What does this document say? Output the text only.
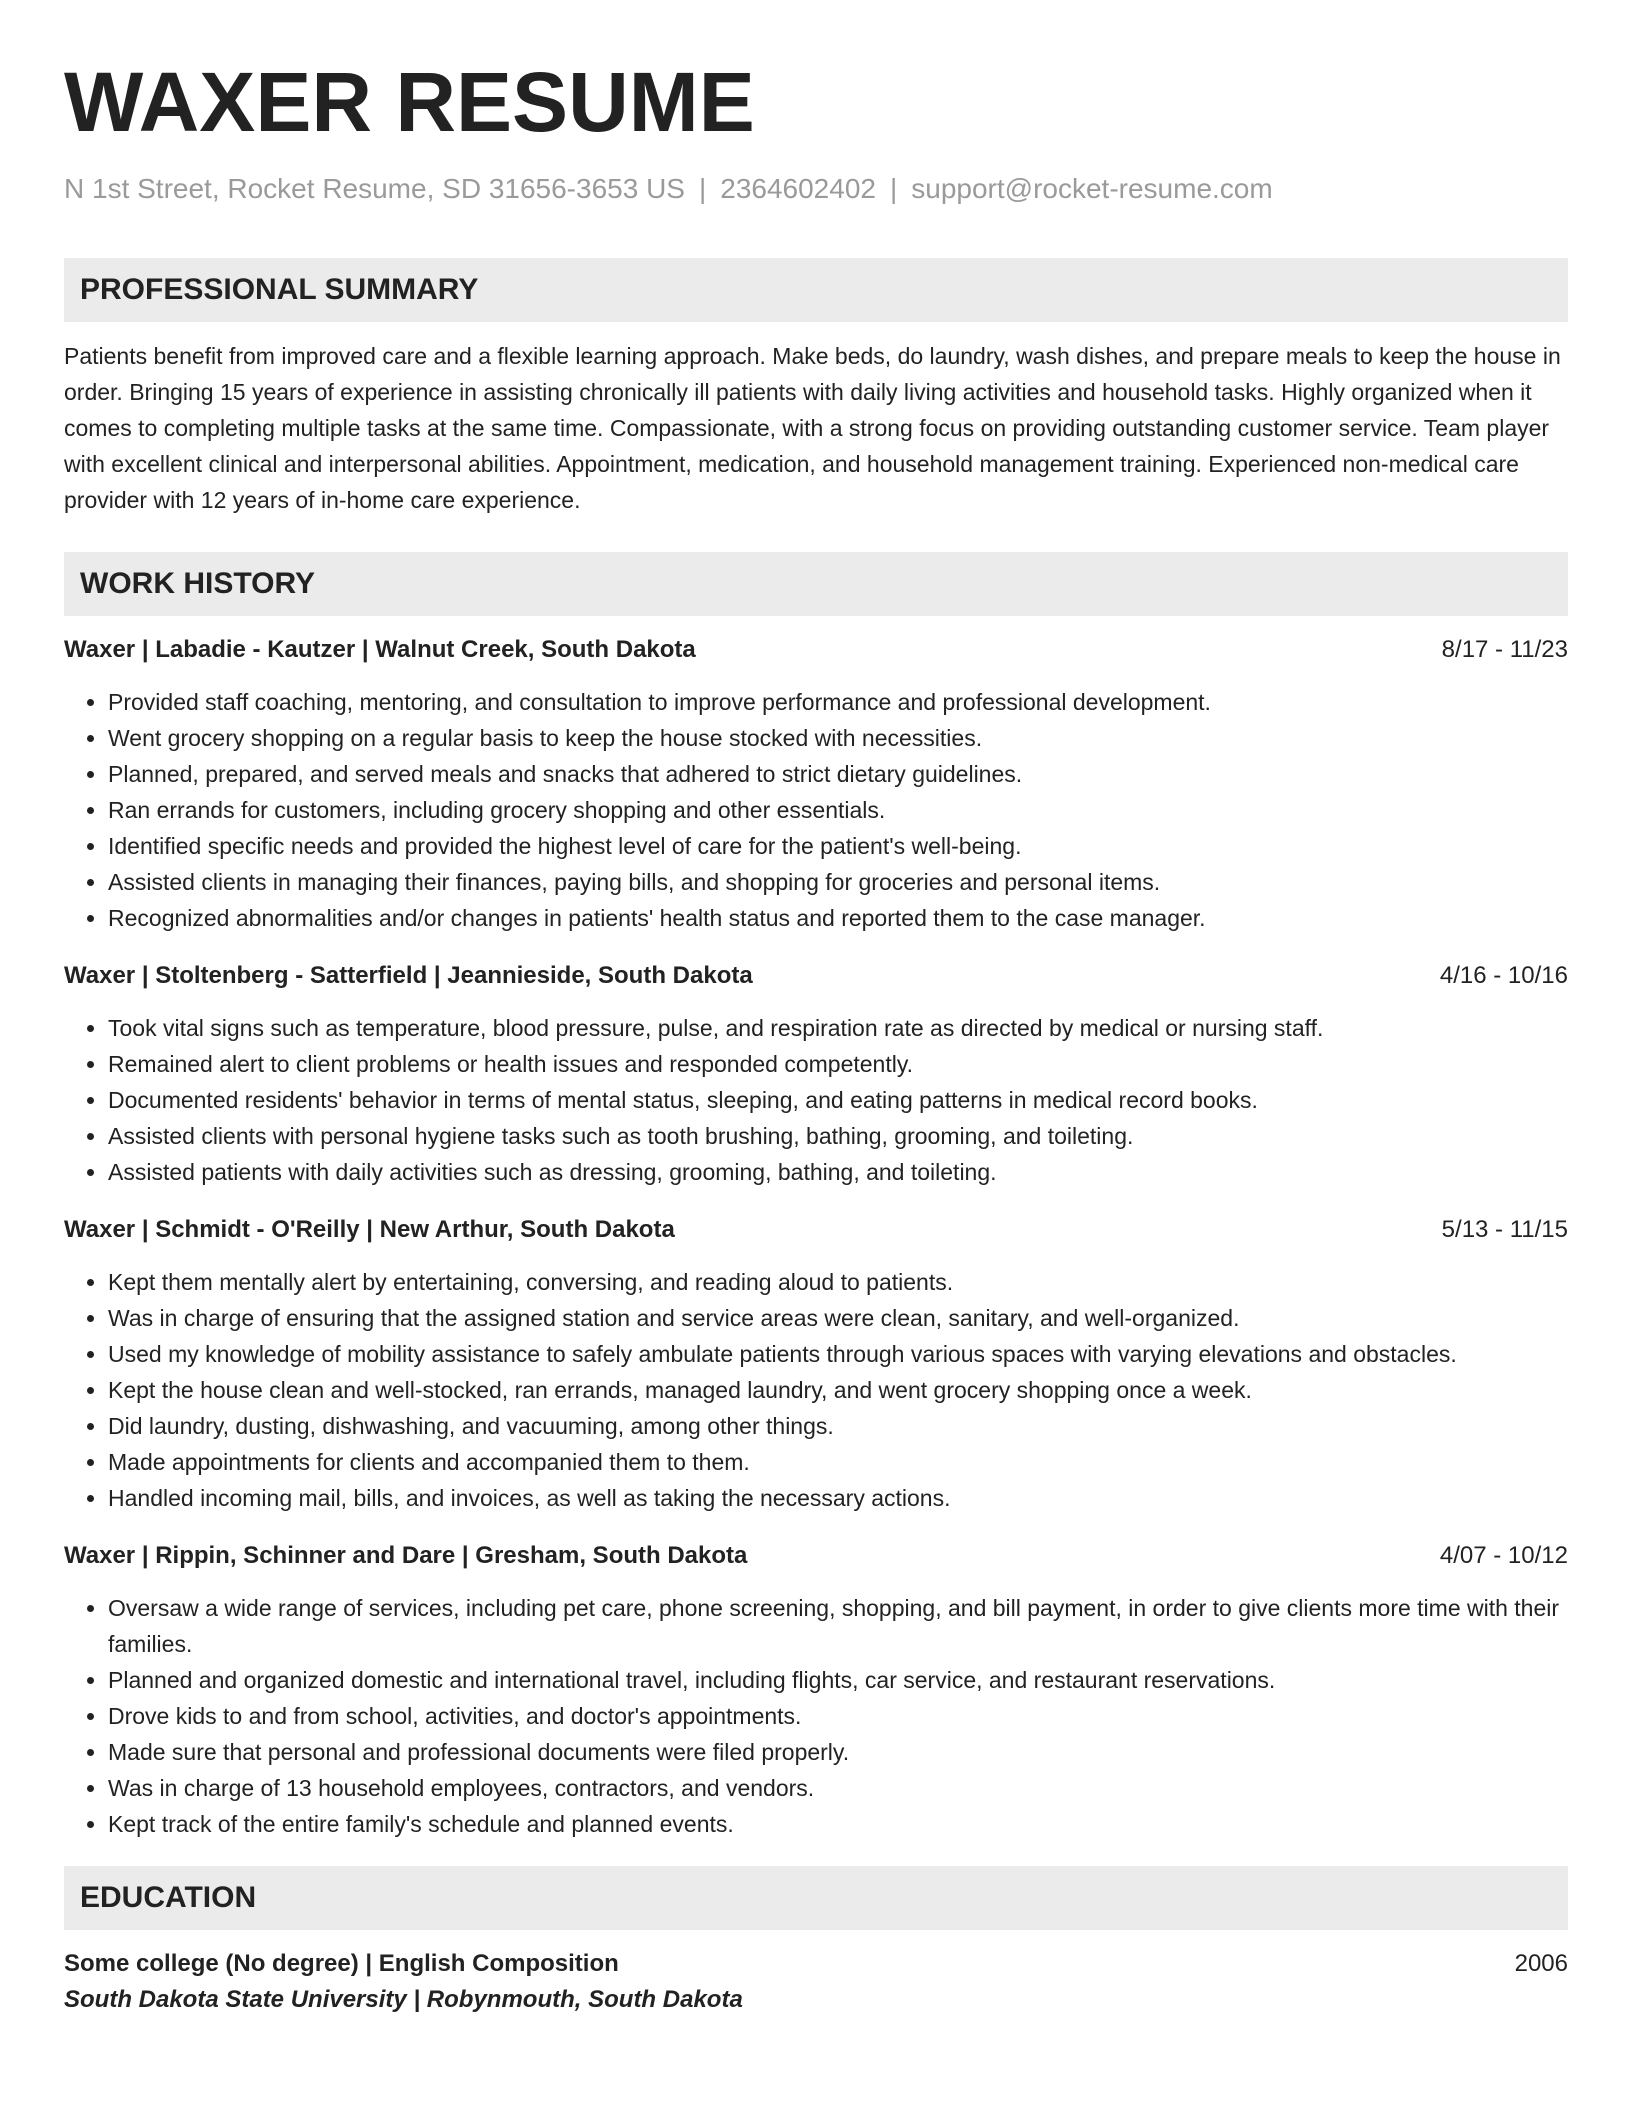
WAXER RESUME
N 1st Street, Rocket Resume, SD 31656-3653 US | 2364602402 | support@rocket-resume.com
PROFESSIONAL SUMMARY
Patients benefit from improved care and a flexible learning approach. Make beds, do laundry, wash dishes, and prepare meals to keep the house in order. Bringing 15 years of experience in assisting chronically ill patients with daily living activities and household tasks. Highly organized when it comes to completing multiple tasks at the same time. Compassionate, with a strong focus on providing outstanding customer service. Team player with excellent clinical and interpersonal abilities. Appointment, medication, and household management training. Experienced non-medical care provider with 12 years of in-home care experience.
WORK HISTORY
Waxer | Labadie - Kautzer | Walnut Creek, South Dakota	8/17 - 11/23
• Provided staff coaching, mentoring, and consultation to improve performance and professional development.
• Went grocery shopping on a regular basis to keep the house stocked with necessities.
• Planned, prepared, and served meals and snacks that adhered to strict dietary guidelines.
• Ran errands for customers, including grocery shopping and other essentials.
• Identified specific needs and provided the highest level of care for the patient's well-being.
• Assisted clients in managing their finances, paying bills, and shopping for groceries and personal items.
• Recognized abnormalities and/or changes in patients' health status and reported them to the case manager.
Waxer | Stoltenberg - Satterfield | Jeannieside, South Dakota	4/16 - 10/16
• Took vital signs such as temperature, blood pressure, pulse, and respiration rate as directed by medical or nursing staff.
• Remained alert to client problems or health issues and responded competently.
• Documented residents' behavior in terms of mental status, sleeping, and eating patterns in medical record books.
• Assisted clients with personal hygiene tasks such as tooth brushing, bathing, grooming, and toileting.
• Assisted patients with daily activities such as dressing, grooming, bathing, and toileting.
Waxer | Schmidt - O'Reilly | New Arthur, South Dakota	5/13 - 11/15
• Kept them mentally alert by entertaining, conversing, and reading aloud to patients.
• Was in charge of ensuring that the assigned station and service areas were clean, sanitary, and well-organized.
• Used my knowledge of mobility assistance to safely ambulate patients through various spaces with varying elevations and obstacles.
• Kept the house clean and well-stocked, ran errands, managed laundry, and went grocery shopping once a week.
• Did laundry, dusting, dishwashing, and vacuuming, among other things.
• Made appointments for clients and accompanied them to them.
• Handled incoming mail, bills, and invoices, as well as taking the necessary actions.
Waxer | Rippin, Schinner and Dare | Gresham, South Dakota	4/07 - 10/12
• Oversaw a wide range of services, including pet care, phone screening, shopping, and bill payment, in order to give clients more time with their families.
• Planned and organized domestic and international travel, including flights, car service, and restaurant reservations.
• Drove kids to and from school, activities, and doctor's appointments.
• Made sure that personal and professional documents were filed properly.
• Was in charge of 13 household employees, contractors, and vendors.
• Kept track of the entire family's schedule and planned events.
EDUCATION
Some college (No degree) | English Composition	2006
South Dakota State University | Robynmouth, South Dakota
